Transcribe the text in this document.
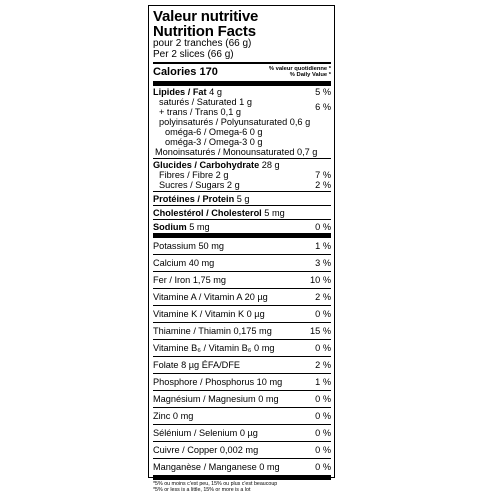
Valeur nutritive
Nutrition Facts
pour 2 tranches (66 g)
Per 2 slices (66 g)
Calories 170	% valeur quotidienne *
% Daily Value *
Lipides / Fat 4 g	5 %
saturés / Saturated 1 g
+ trans / Trans 0,1 g	6 %
polyinsaturés / Polyunsaturated 0,6 g
oméga-6 / Omega-6 0 g
oméga-3 / Omega-3 0 g
Monoinsaturés / Monounsaturated 0,7 g
Glucides / Carbohydrate 28 g
Fibres / Fibre 2 g	7 %
Sucres / Sugars 2 g	2 %
Protéines / Protein 5 g
Cholestérol / Cholesterol 5 mg
Sodium 5 mg	0 %
Potassium 50 mg	1 %
Calcium 40 mg	3 %
Fer / Iron 1,75 mg	10 %
Vitamine A / Vitamin A 20 µg	2 %
Vitamine K / Vitamin K 0 µg	0 %
Thiamine / Thiamin 0,175 mg	15 %
Vitamine B₆ / Vitamin B₆ 0 mg	0 %
Folate 8 µg ÉFA/DFE	2 %
Phosphore / Phosphorus 10 mg	1 %
Magnésium / Magnesium 0 mg	0 %
Zinc 0 mg	0 %
Sélénium / Selenium 0 µg	0 %
Cuivre / Copper 0,002 mg	0 %
Manganèse / Manganese 0 mg	0 %
*5% ou moins c'est peu, 15% ou plus c'est beaucoup
*5% or less is a little, 15% or more is a lot
